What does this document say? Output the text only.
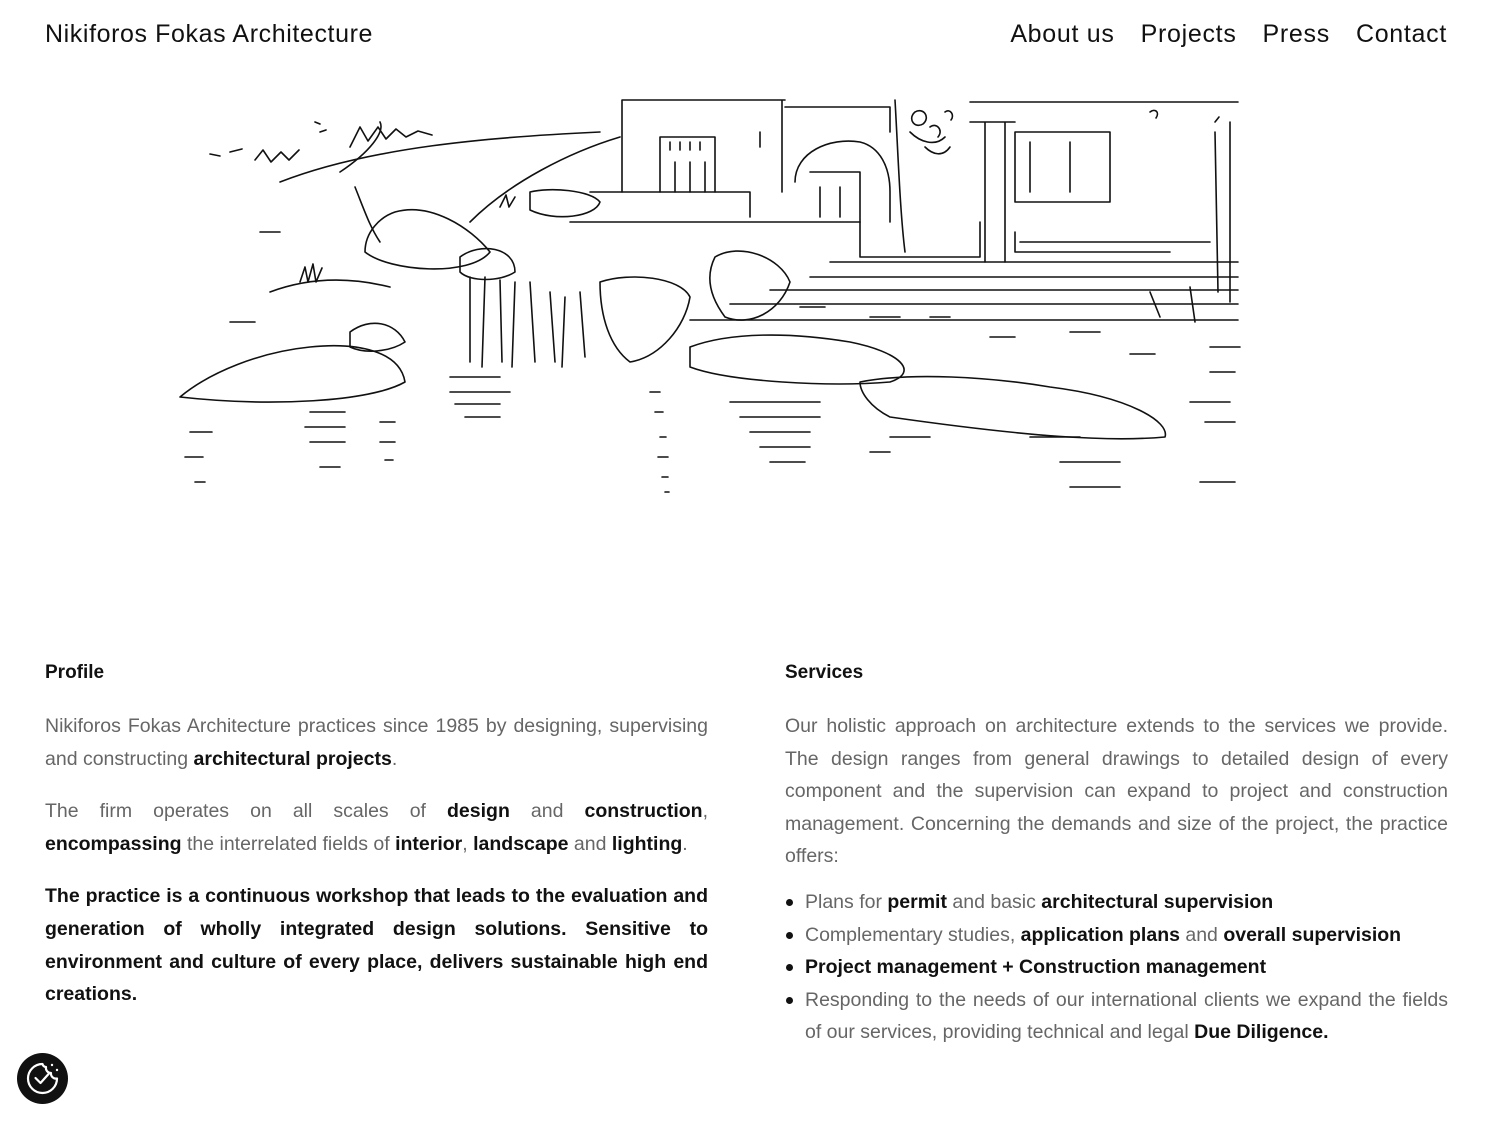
Nikiforos Fokas Architecture	About us Projects Press Contact
Profile

Nikiforos Fokas Architecture practices since 1985 by designing, supervising and constructing architectural projects.

The firm operates on all scales of design and construction, encompassing the interrelated fields of interior, landscape and lighting.

The practice is a continuous workshop that leads to the evaluation and generation of wholly integrated design solutions. Sensitive to environment and culture of every place, delivers sustainable high end creations.

Services

Our holistic approach on architecture extends to the services we provide. The design ranges from general drawings to detailed design of every component and the supervision can expand to project and construction management. Concerning the demands and size of the project, the practice offers:

Plans for permit and basic architectural supervision
Complementary studies, application plans and overall supervision
Project management + Construction management
Responding to the needs of our international clients we expand the fields of our services, providing technical and legal Due Diligence.
